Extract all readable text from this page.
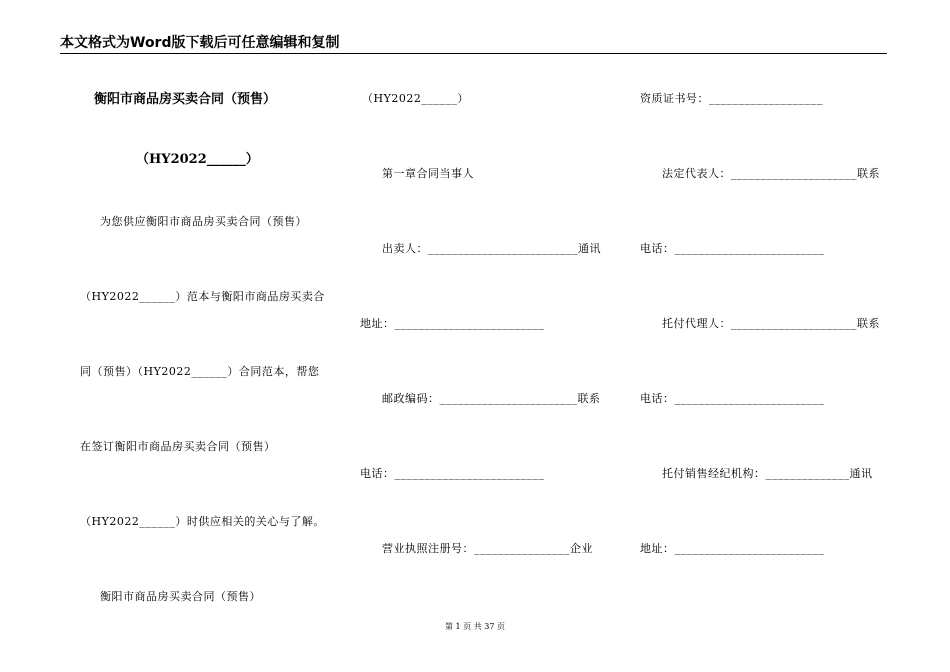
本文格式为Word版下载后可任意编辑和复制
衡阳市商品房买卖合同（预售）
（HY2022______）
为您供应衡阳市商品房买卖合同（预售）
（HY2022______）范本与衡阳市商品房买卖合
同（预售）（HY2022______）合同范本，帮您
在签订衡阳市商品房买卖合同（预售）
（HY2022______）时供应相关的关心与了解。
衡阳市商品房买卖合同（预售）
（HY2022______）
第一章合同当事人
出卖人：_________________________通讯
地址：_________________________
邮政编码：_______________________联系
电话：_________________________
营业执照注册号：________________企业
资质证书号：___________________
法定代表人：_____________________联系
电话：_________________________
托付代理人：_____________________联系
电话：_________________________
托付销售经纪机构：______________通讯
地址：_________________________
第 1 页 共 37 页
